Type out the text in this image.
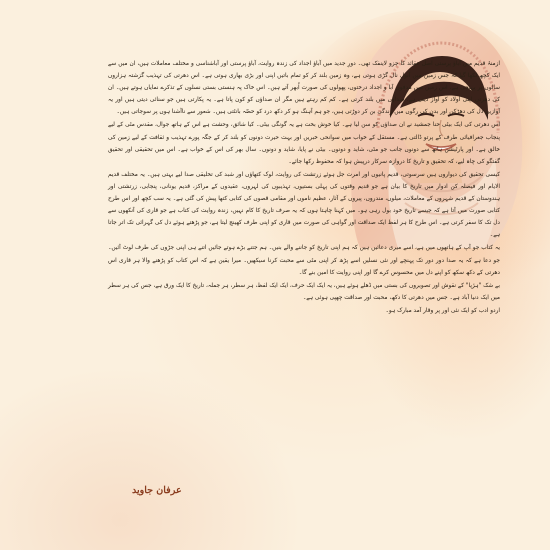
ازمنۂ قدیم میں آباؤ پرستی اصل عقائد کا جزو لاینفک تھی۔ دورِ جدید میں آباؤ اجداد کی زندہ روایت، آباؤ پرستی اور آباشناسی و مختلف معاملات ہیں، ان میں سے ایک کچھ لکھا گیا کہ جس زمین میں آنول نال گڑی ہوتی ہے، وہ زمین بلند کر کو تمام باتیں اپنی اور بڑی بھاری ہوتی ہے۔ اس دھرتی کی تہذیب گزشتہ ہزاروں سالوں پر پہنچی ہے، اس زمین میں مدفون آبا و اجداد درختوں، پھولوں کی صورت اُبھر آتے ہیں۔ اس خاک پہ ہنستی بستی نسلوں کے تذکرے نمایاں ہوتے ہیں۔ ان کی دھرتی اپنی اولاد کو آواز دیتی ہے، صداؤں میں بلند کرتی ہے۔ کم کم رہتے ہیں مگر ان صداؤں کو کون پاتا ہے۔ یہ پکارتی ہیں جو سنائی دیتی ہیں اور یہ آوازیں دل کی دھڑکن اور بدن کی رگوں میں زندگی بن کر دوڑتی ہیں، جو ہم آہنگ ہو کر دکھ درد کو حصّہ بانٹتی ہیں۔ شعور سے ناآشنا ہوں پر سوجاتی ہیں۔

اس دھرتی کی ایک بیٹی حنا جمشید نے ان صداؤں کو سن لیا ہے۔ کیا خوش بخت ہے یہ گونگی بیٹی۔ کیا شائق، وحشت ہے اس کے ہاتھ جوال، مقدس مٹی کے لیے پنجاب جغرافیائی طرف کے پرتو ڈالتی ہے۔ مستقل کے خواب میں سوانحی خبریں اور بہت حیرت دونوں کو بلند کر کے جگہ پورے تہذیب و ثقافت کے لیے زمین کی خالق ہے۔ اور پارٹیشن ہاتھ سے دونوں جانب جو مٹی، شاید و دونوں۔ بیٹی نے پایا، شاید و دونوں۔ سال بھر کی اس کے خواب ہے۔ اس میں تحقیقی اور تحقیق گفتگو کی چاہ لیے، کہ تحقیق و تاریخ کا دروازہ سرکار درپیش ہوا کہ محفوظ رکھا جائے۔

کیسی تحقیق کی دیواروں ہیں سرسوتی، قدیم پانیوں اور امرت جل ہوئے زرتشت کی روایت، لوک کتھاؤں اور شبد کی تخلیقی صدا لیے بہتی ہیں۔ یہ مختلف قدیم الایام اور فیصلہ کن ادوار میں تاریخ کا بیان ہے جو قدیم وقتوں کی پہلی بستیوں، تہذیبوں کی لہروں، عقیدوں کے مراکز، قدیم یونانی، پنجابی، زرتشتی اور ہندوستان کے قدیم شہروں کے معاملات، میلوں، مندروں، پیروں کے آثار، عظیم ناموں اور مقامی قصوں کی کتابی کتھا پیش کی گئی ہے۔ یہ سب کچھ اور اس طرح کتابی صورت میں آتا ہے کہ جیسے تاریخ خود بول رہی ہو۔ میں کہنا چاہتا ہوں کہ یہ صرف تاریخ کا کام نہیں، زندہ روایت کی کتاب ہے جو قاری کی آنکھوں سے دل تک کا سفر کرتی ہے۔ اس طرح کا ہر لفظ ایک صداقت اور گواہی کی صورت میں قاری کو اپنی طرف کھینچ لیتا ہے، جو پڑھتے ہوئے دل کی گہرائی تک اتر جاتا ہے۔

یہ کتاب جو آپ کے ہاتھوں میں ہے، اسے میری دعائیں ہیں کہ ہم اپنی تاریخ کو جاننے والے بنیں۔ ہم جتنے بڑے ہوتے جائیں اتنے ہی اپنی جڑوں کی طرف لوٹ آئیں۔ جو دعا ہے کہ یہ صدا دور دور تک پہنچے اور نئی نسلیں اسے پڑھ کر اپنی مٹی سے محبت کرنا سیکھیں۔ میرا یقین ہے کہ اس کتاب کو پڑھنے والا ہر قاری اس دھرتی کے دکھ سکھ کو اپنے دل میں محسوس کرے گا اور اپنی روایت کا امین بنے گا۔

بے شک "ہرٔپا" کے نقوش اور تصویروں کی بستی میں ڈھلے ہوئے ہیں، یہ ایک ایک حرف، ایک ایک لفظ، ہر سطر، ہر جملہ، تاریخ کا ایک ورق ہے، جس کی ہر سطر میں ایک دنیا آباد ہے۔ جس میں دھرتی کا دکھ، محبت اور صداقت چھپی ہوئی ہے۔

اردو ادب کو ایک نئی اور پر وقار آمد مبارک ہو۔

عرفان جاوید
